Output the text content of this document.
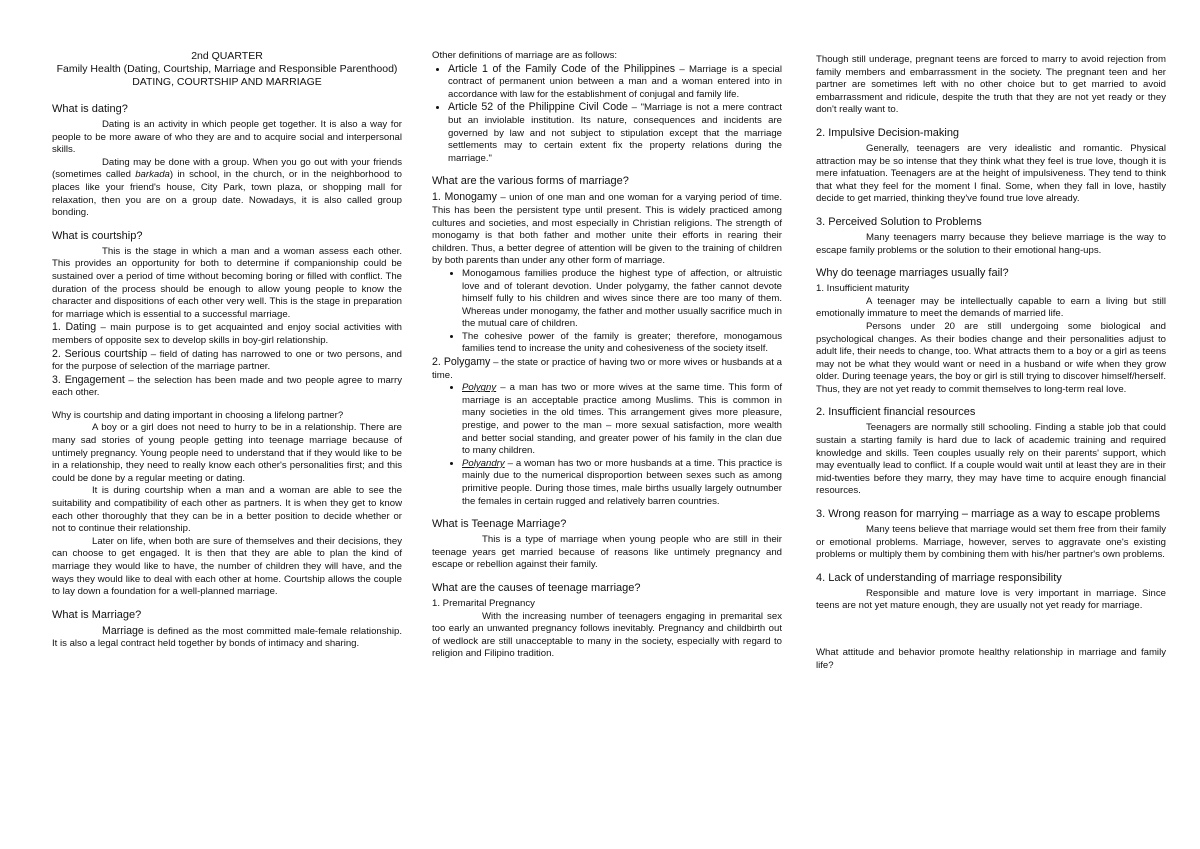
2nd QUARTER
Family Health (Dating, Courtship, Marriage and Responsible Parenthood)
DATING, COURTSHIP AND MARRIAGE
What is dating?

Dating is an activity in which people get together. It is also a way for people to be more aware of who they are and to acquire social and interpersonal skills.

Dating may be done with a group. When you go out with your friends (sometimes called barkada) in school, in the church, or in the neighborhood to places like your friend's house, City Park, town plaza, or shopping mall for relaxation, then you are on a group date. Nowadays, it is also called group bonding.

What is courtship?

This is the stage in which a man and a woman assess each other. This provides an opportunity for both to determine if companionship could be sustained over a period of time without becoming boring or filled with conflict. The duration of the process should be enough to allow young people to know the character and dispositions of each other very well. This is the stage in preparation for marriage which is essential to a successful marriage.

1. Dating – main purpose is to get acquainted and enjoy social activities with members of opposite sex to develop skills in boy-girl relationship.

2. Serious courtship – field of dating has narrowed to one or two persons, and for the purpose of selection of the marriage partner.

3. Engagement – the selection has been made and two people agree to marry each other.

Why is courtship and dating important in choosing a lifelong partner?

A boy or a girl does not need to hurry to be in a relationship. There are many sad stories of young people getting into teenage marriage because of untimely pregnancy. Young people need to understand that if they would like to be in a relationship, they need to really know each other's personalities first; and this could be done by a regular meeting or dating.

It is during courtship when a man and a woman are able to see the suitability and compatibility of each other as partners. It is when they get to know each other thoroughly that they can be in a better position to decide whether or not to continue their relationship.

Later on life, when both are sure of themselves and their decisions, they can choose to get engaged. It is then that they are able to plan the kind of marriage they would like to have, the number of children they will have, and the ways they would like to deal with each other at home. Courtship allows the couple to lay down a foundation for a well-planned marriage.

What is Marriage?

Marriage is defined as the most committed male-female relationship. It is also a legal contract held together by bonds of intimacy and sharing.

Other definitions of marriage are as follows:

• Article 1 of the Family Code of the Philippines – Marriage is a special contract of permanent union between a man and a woman entered into in accordance with law for the establishment of conjugal and family life.
• Article 52 of the Philippine Civil Code – "Marriage is not a mere contract but an inviolable institution. Its nature, consequences and incidents are governed by law and not subject to stipulation except that the marriage settlements may to certain extent fix the property relations during the marriage."
What are the various forms of marriage?

1. Monogamy – union of one man and one woman for a varying period of time. This has been the persistent type until present. This is widely practiced among cultures and societies, and most especially in Christian religions. The strength of monogamy is that both father and mother unite their efforts in rearing their children. Thus, a better degree of attention will be given to the training of children by both parents than under any other form of marriage.

• Monogamous families produce the highest type of affection, or altruistic love and of tolerant devotion. Under polygamy, the father cannot devote himself fully to his children and wives since there are too many of them. Whereas under monogamy, the father and mother usually sacrifice much in the mutual care of children.
• The cohesive power of the family is greater; therefore, monogamous families tend to increase the unity and cohesiveness of the society itself.

2. Polygamy – the state or practice of having two or more wives or husbands at a time.

• Polygny – a man has two or more wives at the same time. This form of marriage is an acceptable practice among Muslims. This is common in many societies in the old times. This arrangement gives more pleasure, prestige, and power to the man – more sexual satisfaction, more wealth and better social standing, and greater power of his family in the clan due to many children.
• Polyandry – a woman has two or more husbands at a time. This practice is mainly due to the numerical disproportion between sexes such as among primitive people. During those times, male births usually largely outnumber the females in certain rugged and relatively barren countries.
What is Teenage Marriage?

This is a type of marriage when young people who are still in their teenage years get married because of reasons like untimely pregnancy and escape or rebellion against their family.

What are the causes of teenage marriage?

1. Premarital Pregnancy

With the increasing number of teenagers engaging in premarital sex too early an unwanted pregnancy follows inevitably. Pregnancy and childbirth out of wedlock are still unacceptable to many in the society, especially with regard to religion and Filipino tradition.

Though still underage, pregnant teens are forced to marry to avoid rejection from family members and embarrassment in the society. The pregnant teen and her partner are sometimes left with no other choice but to get married to avoid embarrassment and ridicule, despite the truth that they are not yet ready or they don't really want to.

2. Impulsive Decision-making

Generally, teenagers are very idealistic and romantic. Physical attraction may be so intense that they think what they feel is true love, though it is mere infatuation. Teenagers are at the height of impulsiveness. They tend to think that what they feel for the moment I final. Some, when they fall in love, hastily decide to get married, thinking they've found true love already.

3. Perceived Solution to Problems

Many teenagers marry because they believe marriage is the way to escape family problems or the solution to their emotional hang-ups.

Why do teenage marriages usually fail?

1. Insufficient maturity

A teenager may be intellectually capable to earn a living but still emotionally immature to meet the demands of married life.

Persons under 20 are still undergoing some biological and psychological changes. As their bodies change and their personalities adjust to adult life, their needs to change, too. What attracts them to a boy or a girl as teens may not be what they would want or need in a husband or wife when they grow older. During teenage years, the boy or girl is still trying to discover himself/herself. Thus, they are not yet ready to commit themselves to long-term real love.

2. Insufficient financial resources

Teenagers are normally still schooling. Finding a stable job that could sustain a starting family is hard due to lack of academic training and required knowledge and skills. Teen couples usually rely on their parents' support, which may eventually lead to conflict. If a couple would wait until at least they are in their mid-twenties before they marry, they may have time to acquire enough financial resources.

3. Wrong reason for marrying – marriage as a way to escape problems

Many teens believe that marriage would set them free from their family or emotional problems. Marriage, however, serves to aggravate one's existing problems or multiply them by combining them with his/her partner's own problems.

4. Lack of understanding of marriage responsibility

Responsible and mature love is very important in marriage. Since teens are not yet mature enough, they are usually not yet ready for marriage.

What attitude and behavior promote healthy relationship in marriage and family life?
